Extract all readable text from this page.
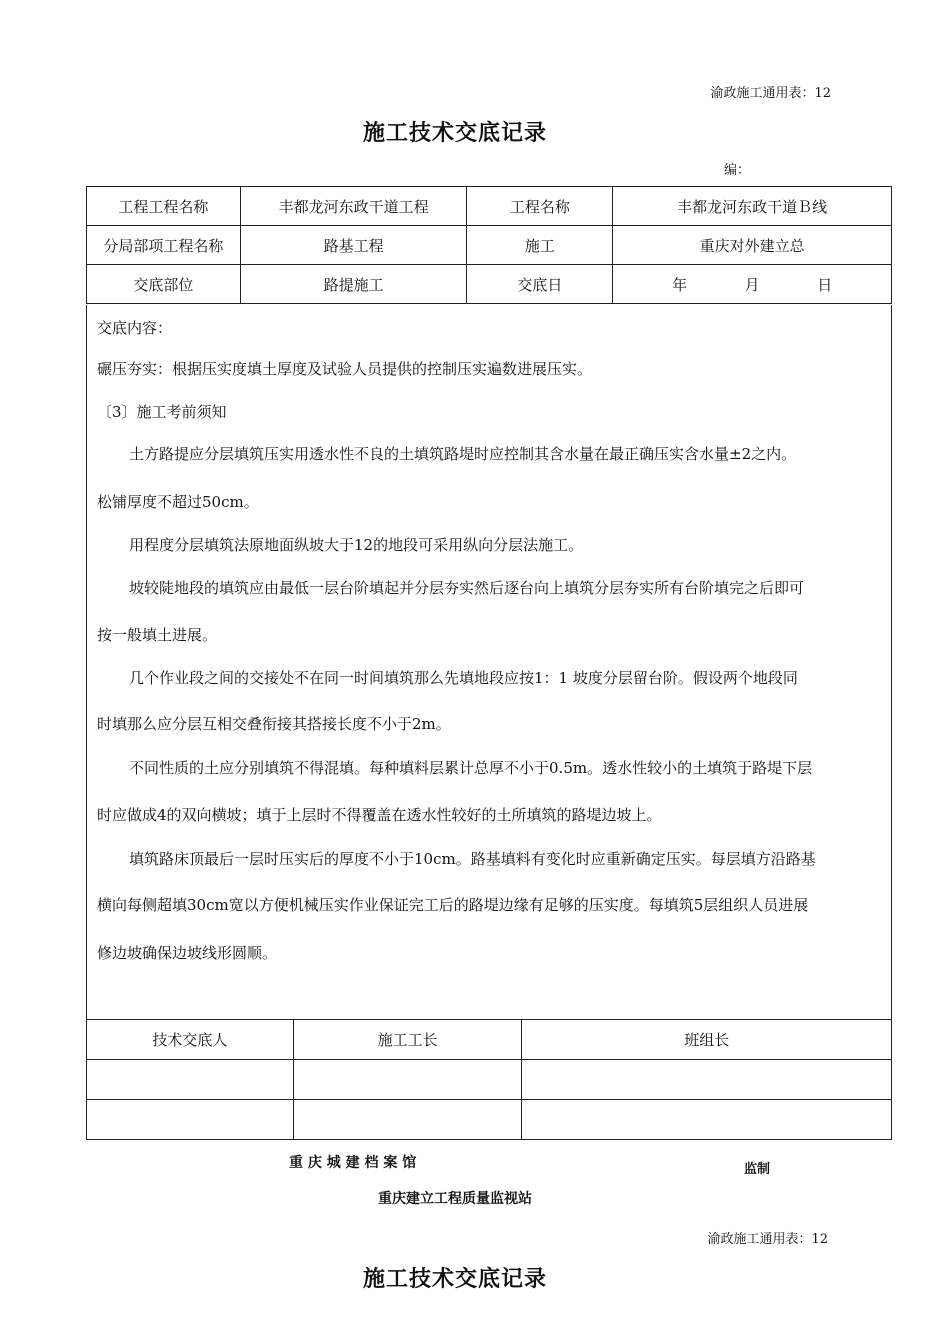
渝政施工通用表：12
施工技术交底记录
编：
工程工程名称	丰都龙河东政干道工程	工程名称	丰都龙河东政干道Ｂ线
分局部项工程名称	路基工程	施工	重庆对外建立总
交底部位	路提施工	交底日	年 月 日
交底内容：
碾压夯实：根据压实度填土厚度及试验人员提供的控制压实遍数进展压实。
〔3〕施工考前须知
土方路提应分层填筑压实用透水性不良的土填筑路堤时应控制其含水量在最正确压实含水量±2之内。
松铺厚度不超过50cm。
用程度分层填筑法原地面纵坡大于12的地段可采用纵向分层法施工。
坡较陡地段的填筑应由最低一层台阶填起并分层夯实然后逐台向上填筑分层夯实所有台阶填完之后即可
按一般填土进展。
几个作业段之间的交接处不在同一时间填筑那么先填地段应按1：1 坡度分层留台阶。假设两个地段同
时填那么应分层互相交叠衔接其搭接长度不小于2m。
不同性质的土应分别填筑不得混填。每种填料层累计总厚不小于0.5m。透水性较小的土填筑于路堤下层
时应做成4的双向横坡；填于上层时不得覆盖在透水性较好的土所填筑的路堤边坡上。
填筑路床顶最后一层时压实后的厚度不小于10cm。路基填料有变化时应重新确定压实。每层填方沿路基
横向每侧超填30cm宽以方便机械压实作业保证完工后的路堤边缘有足够的压实度。每填筑5层组织人员进展
修边坡确保边坡线形圆顺。
技术交底人	施工工长	班组长

重 庆 城 建 档 案 馆	监制
重庆建立工程质量监视站
渝政施工通用表：12
施工技术交底记录
